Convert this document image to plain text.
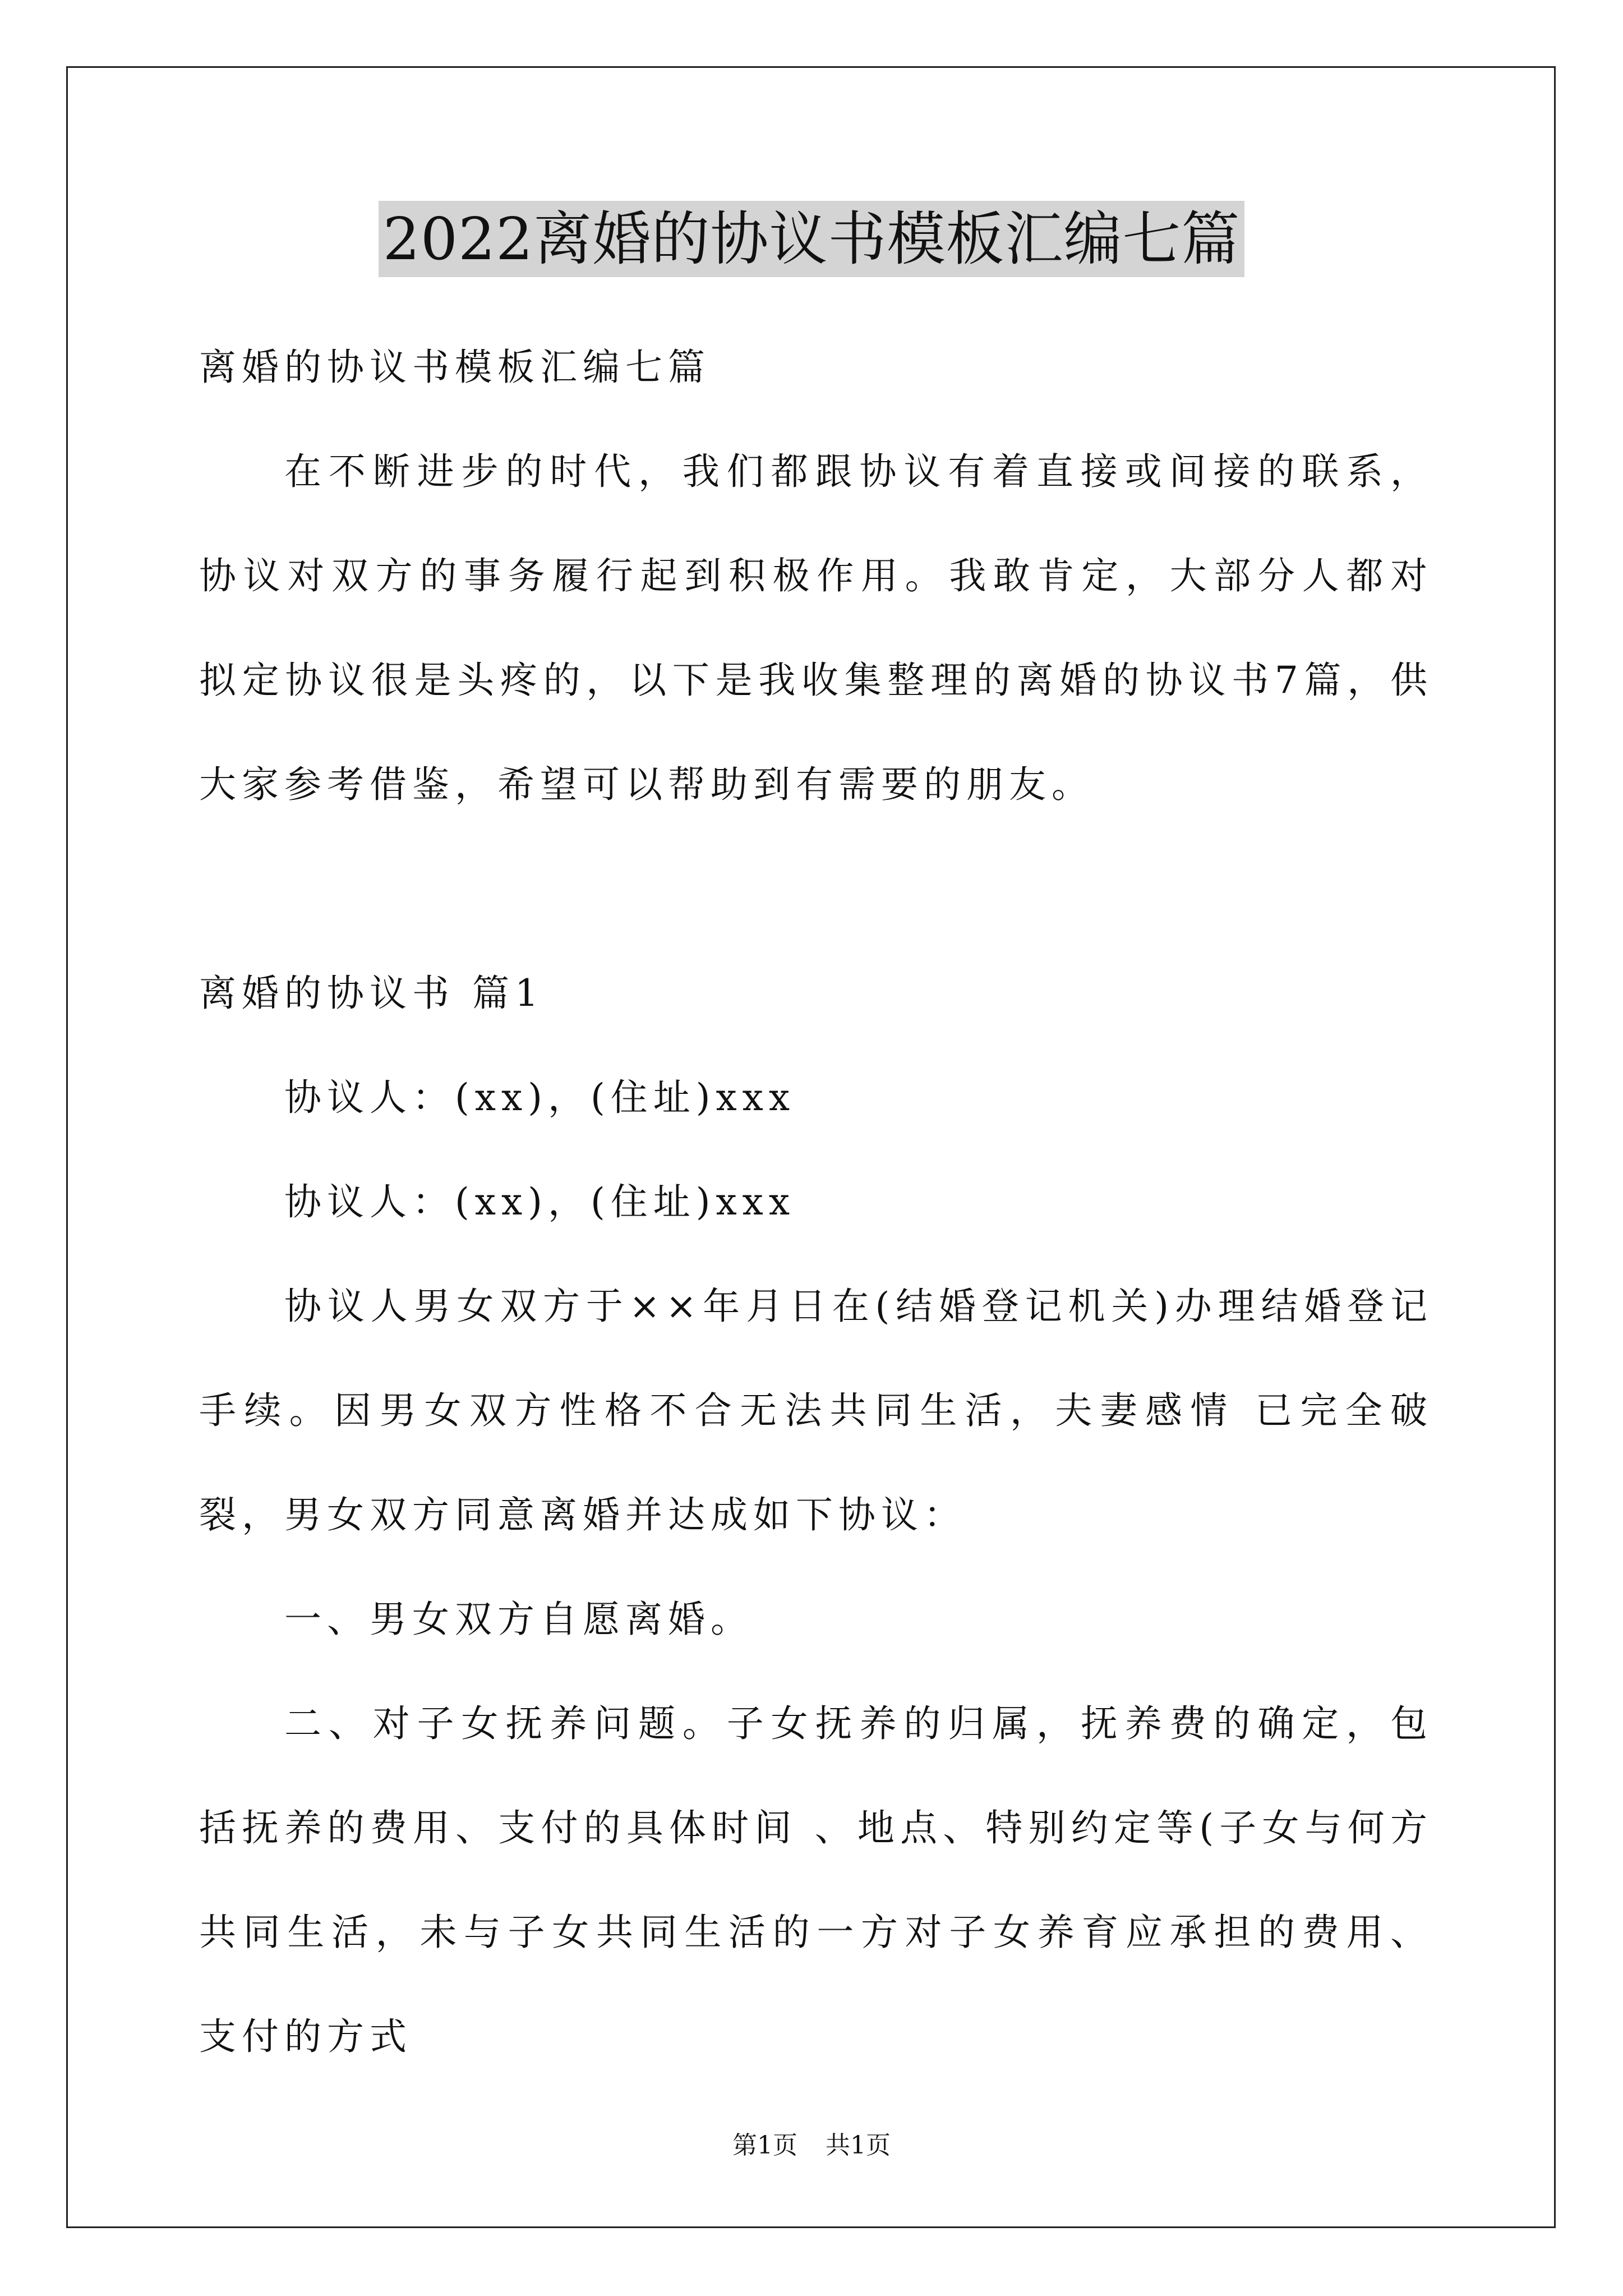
2022离婚的协议书模板汇编七篇

离婚的协议书模板汇编七篇

在不断进步的时代，我们都跟协议有着直接或间接的联系，协议对双方的事务履行起到积极作用。我敢肯定，大部分人都对拟定协议很是头疼的，以下是我收集整理的离婚的协议书7篇，供大家参考借鉴，希望可以帮助到有需要的朋友。

离婚的协议书 篇1

协议人：(xx)，(住址)xxx

协议人：(xx)，(住址)xxx

协议人男女双方于××年月日在(结婚登记机关)办理结婚登记手续。因男女双方性格不合无法共同生活，夫妻感情 已完全破裂，男女双方同意离婚并达成如下协议：

一、男女双方自愿离婚。

二、对子女抚养问题。子女抚养的归属，抚养费的确定，包括抚养的费用、支付的具体时间 、地点、特别约定等(子女与何方共同生活，未与子女共同生活的一方对子女养育应承担的费用、支付的方式

第1页 共1页
